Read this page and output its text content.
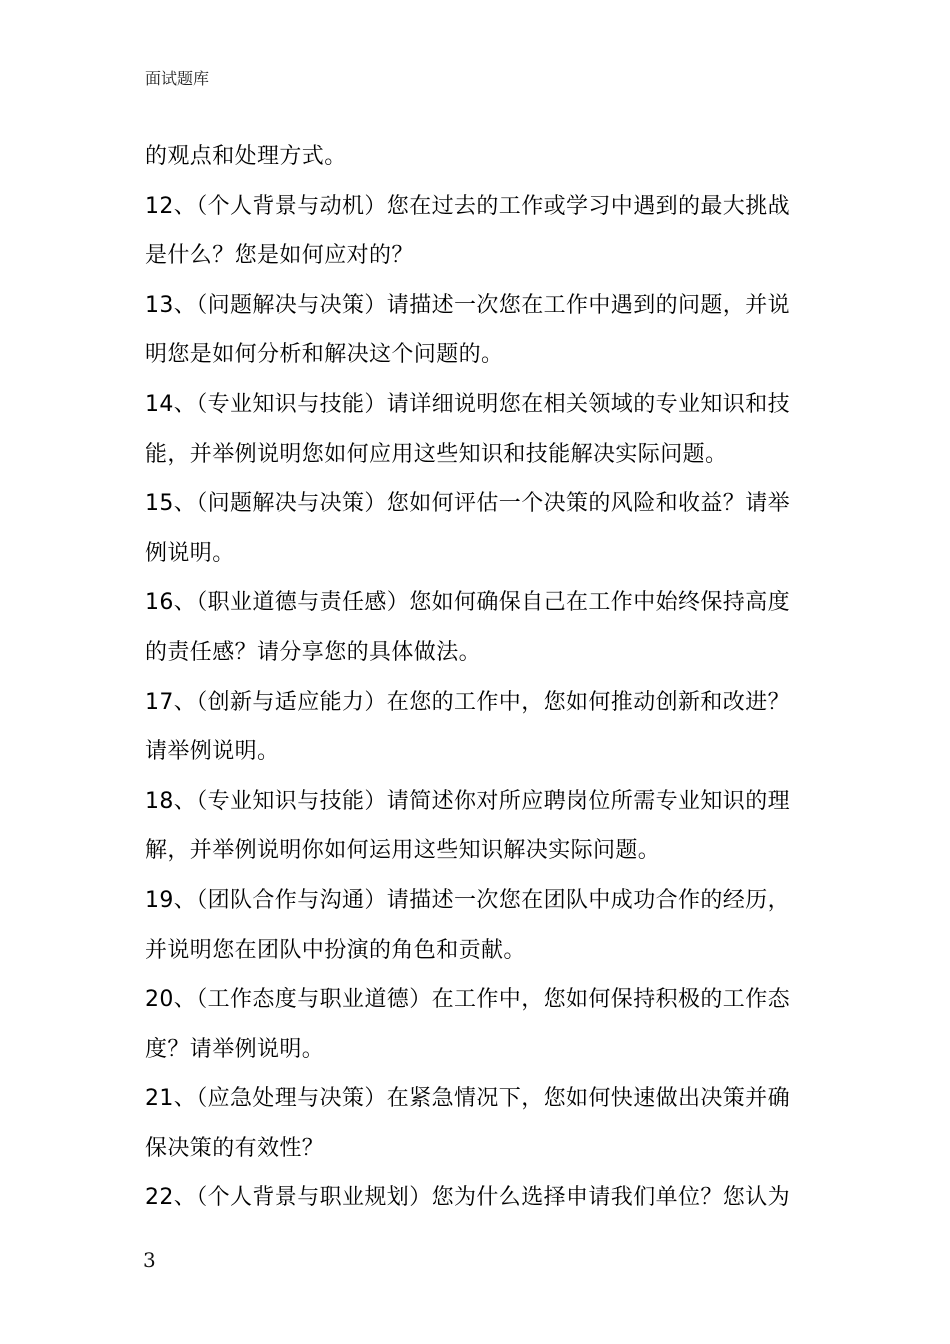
面试题库
的观点和处理方式。
12、（个人背景与动机）您在过去的工作或学习中遇到的最大挑战
是什么？您是如何应对的？
13、（问题解决与决策）请描述一次您在工作中遇到的问题，并说
明您是如何分析和解决这个问题的。
14、（专业知识与技能）请详细说明您在相关领域的专业知识和技
能，并举例说明您如何应用这些知识和技能解决实际问题。
15、（问题解决与决策）您如何评估一个决策的风险和收益？请举
例说明。
16、（职业道德与责任感）您如何确保自己在工作中始终保持高度
的责任感？请分享您的具体做法。
17、（创新与适应能力）在您的工作中，您如何推动创新和改进？
请举例说明。
18、（专业知识与技能）请简述你对所应聘岗位所需专业知识的理
解，并举例说明你如何运用这些知识解决实际问题。
19、（团队合作与沟通）请描述一次您在团队中成功合作的经历，
并说明您在团队中扮演的角色和贡献。
20、（工作态度与职业道德）在工作中，您如何保持积极的工作态
度？请举例说明。
21、（应急处理与决策）在紧急情况下，您如何快速做出决策并确
保决策的有效性？
22、（个人背景与职业规划）您为什么选择申请我们单位？您认为
3
